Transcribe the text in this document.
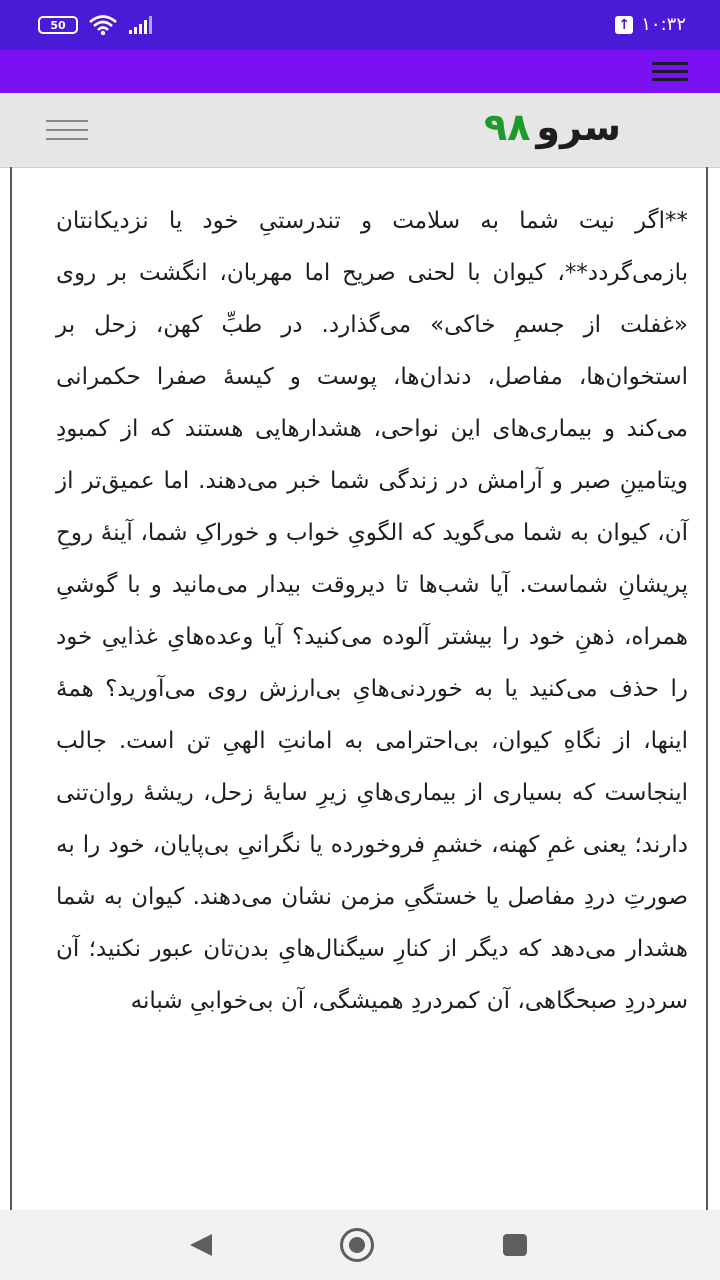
50	↑ ۱۰:۳۲
سرو
۹۸
**اگر نیت شما به سلامت و تندرستیِ خود یا نزدیکانتان بازمی‌گردد**، کیوان با لحنی صریح اما مهربان، انگشت بر روی «غفلت از جسمِ خاکی» می‌گذارد. در طبِّ کهن، زحل بر استخوان‌ها، مفاصل، دندان‌ها، پوست و کیسهٔ صفرا حکمرانی می‌کند و بیماری‌های این نواحی، هشدارهایی هستند که از کمبودِ ویتامینِ صبر و آرامش در زندگی شما خبر می‌دهند. اما عمیق‌تر از آن، کیوان به شما می‌گوید که الگویِ خواب و خوراکِ شما، آینهٔ روحِ پریشانِ شماست. آیا شب‌ها تا دیروقت بیدار می‌مانید و با گوشیِ همراه، ذهنِ خود را بیشتر آلوده می‌کنید؟ آیا وعده‌هایِ غذاییِ خود را حذف می‌کنید یا به خوردنی‌هایِ بی‌ارزش روی می‌آورید؟ همهٔ اینها، از نگاهِ کیوان، بی‌احترامی به امانتِ الهیِ تن است. جالب اینجاست که بسیاری از بیماری‌هایِ زیرِ سایهٔ زحل، ریشهٔ روان‌تنی دارند؛ یعنی غمِ کهنه، خشمِ فروخورده یا نگرانیِ بی‌پایان، خود را به صورتِ دردِ مفاصل یا خستگیِ مزمن نشان می‌دهند. کیوان به شما هشدار می‌دهد که دیگر از کنارِ سیگنال‌هایِ بدن‌تان عبور نکنید؛ آن سردردِ صبحگاهی، آن کمردردِ همیشگی، آن بی‌خوابیِ شبانه
